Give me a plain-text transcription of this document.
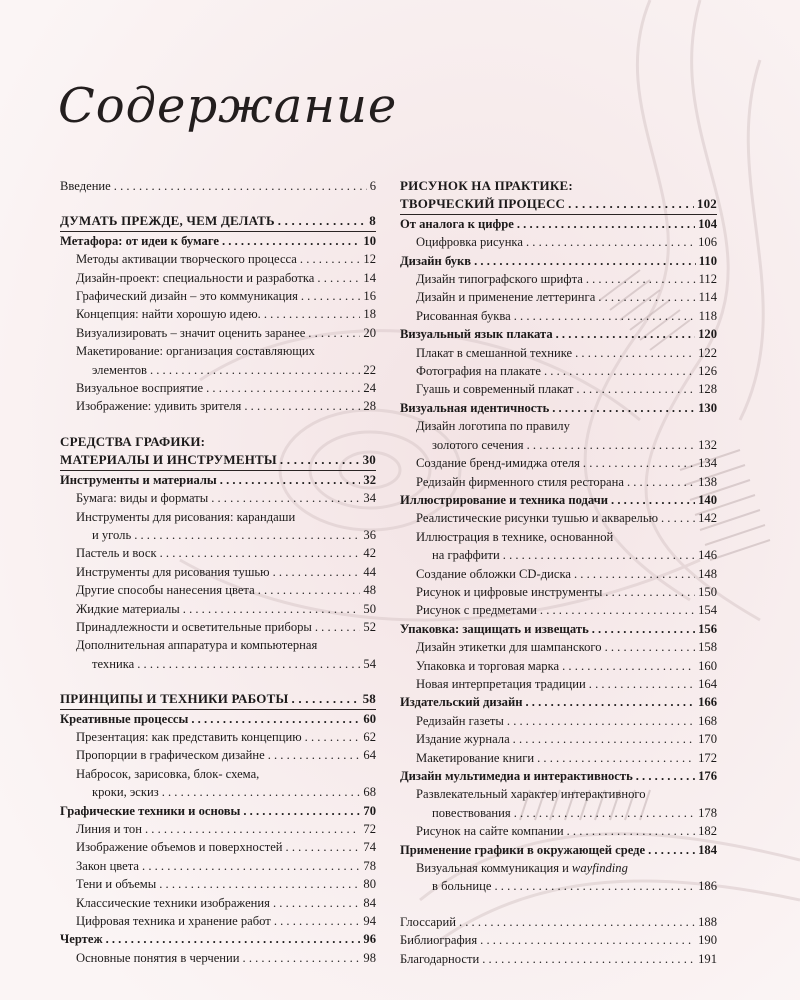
Содержание
Введение . . .	6
ДУМАТЬ ПРЕЖДЕ, ЧЕМ ДЕЛАТЬ . . .	8
Метафора: от идеи к бумаге . . .	10
Методы активации творческого процесса . . .	12
Дизайн-проект: специальности и разработка . . .	14
Графический дизайн – это коммуникация . . .	16
Концепция: найти хорошую идею. . . .	18
Визуализировать – значит оценить заранее . . .	20
Макетирование: организация составляющих
элементов . . .	22
Визуальное восприятие . . .	24
Изображение: удивить зрителя . . .	28
СРЕДСТВА ГРАФИКИ:
МАТЕРИАЛЫ И ИНСТРУМЕНТЫ . . .	30
Инструменты и материалы . . .	32
Бумага: виды и форматы . . .	34
Инструменты для рисования: карандаши
и уголь . . .	36
Пастель и воск . . .	42
Инструменты для рисования тушью . . .	44
Другие способы нанесения цвета . . .	48
Жидкие материалы . . .	50
Принадлежности и осветительные приборы . . .	52
Дополнительная аппаратура и компьютерная
техника . . .	54
ПРИНЦИПЫ И ТЕХНИКИ РАБОТЫ . . .	58
Креативные процессы . . .	60
Презентация: как представить концепцию . . .	62
Пропорции в графическом дизайне . . .	64
Набросок, зарисовка, блок- схема,
кроки, эскиз . . .	68
Графические техники и основы . . .	70
Линия и тон . . .	72
Изображение объемов и поверхностей . . .	74
Закон цвета . . .	78
Тени и объемы . . .	80
Классические техники изображения . . .	84
Цифровая техника и хранение работ . . .	94
Чертеж . . .	96
Основные понятия в черчении . . .	98
РИСУНОК НА ПРАКТИКЕ:
ТВОРЧЕСКИЙ ПРОЦЕСС . . .	102
От аналога к цифре . . .	104
Оцифровка рисунка . . .	106
Дизайн букв . . .	110
Дизайн типографского шрифта . . .	112
Дизайн и применение леттеринга . . .	114
Рисованная буква . . .	118
Визуальный язык плаката . . .	120
Плакат в смешанной технике . . .	122
Фотография на плакате . . .	126
Гуашь и современный плакат . . .	128
Визуальная идентичность . . .	130
Дизайн логотипа по правилу
золотого сечения . . .	132
Создание бренд-имиджа отеля . . .	134
Редизайн фирменного стиля ресторана . . .	138
Иллюстрирование и техника подачи . . .	140
Реалистические рисунки тушью и акварелью . . .	142
Иллюстрация в технике, основанной
на граффити . . .	146
Создание обложки CD-диска . . .	148
Рисунок и цифровые инструменты . . .	150
Рисунок с предметами . . .	154
Упаковка: защищать и извещать . . .	156
Дизайн этикетки для шампанского . . .	158
Упаковка и торговая марка . . .	160
Новая интерпретация традиции . . .	164
Издательский дизайн . . .	166
Редизайн газеты . . .	168
Издание журнала . . .	170
Макетирование книги . . .	172
Дизайн мультимедиа и интерактивность . . .	176
Развлекательный характер интерактивного
повествования . . .	178
Рисунок на сайте компании . . .	182
Применение графики в окружающей среде . . .	184
Визуальная коммуникация и wayfinding
в больнице . . .	186
Глоссарий . . .	188
Библиография . . .	190
Благодарности . . .	191
